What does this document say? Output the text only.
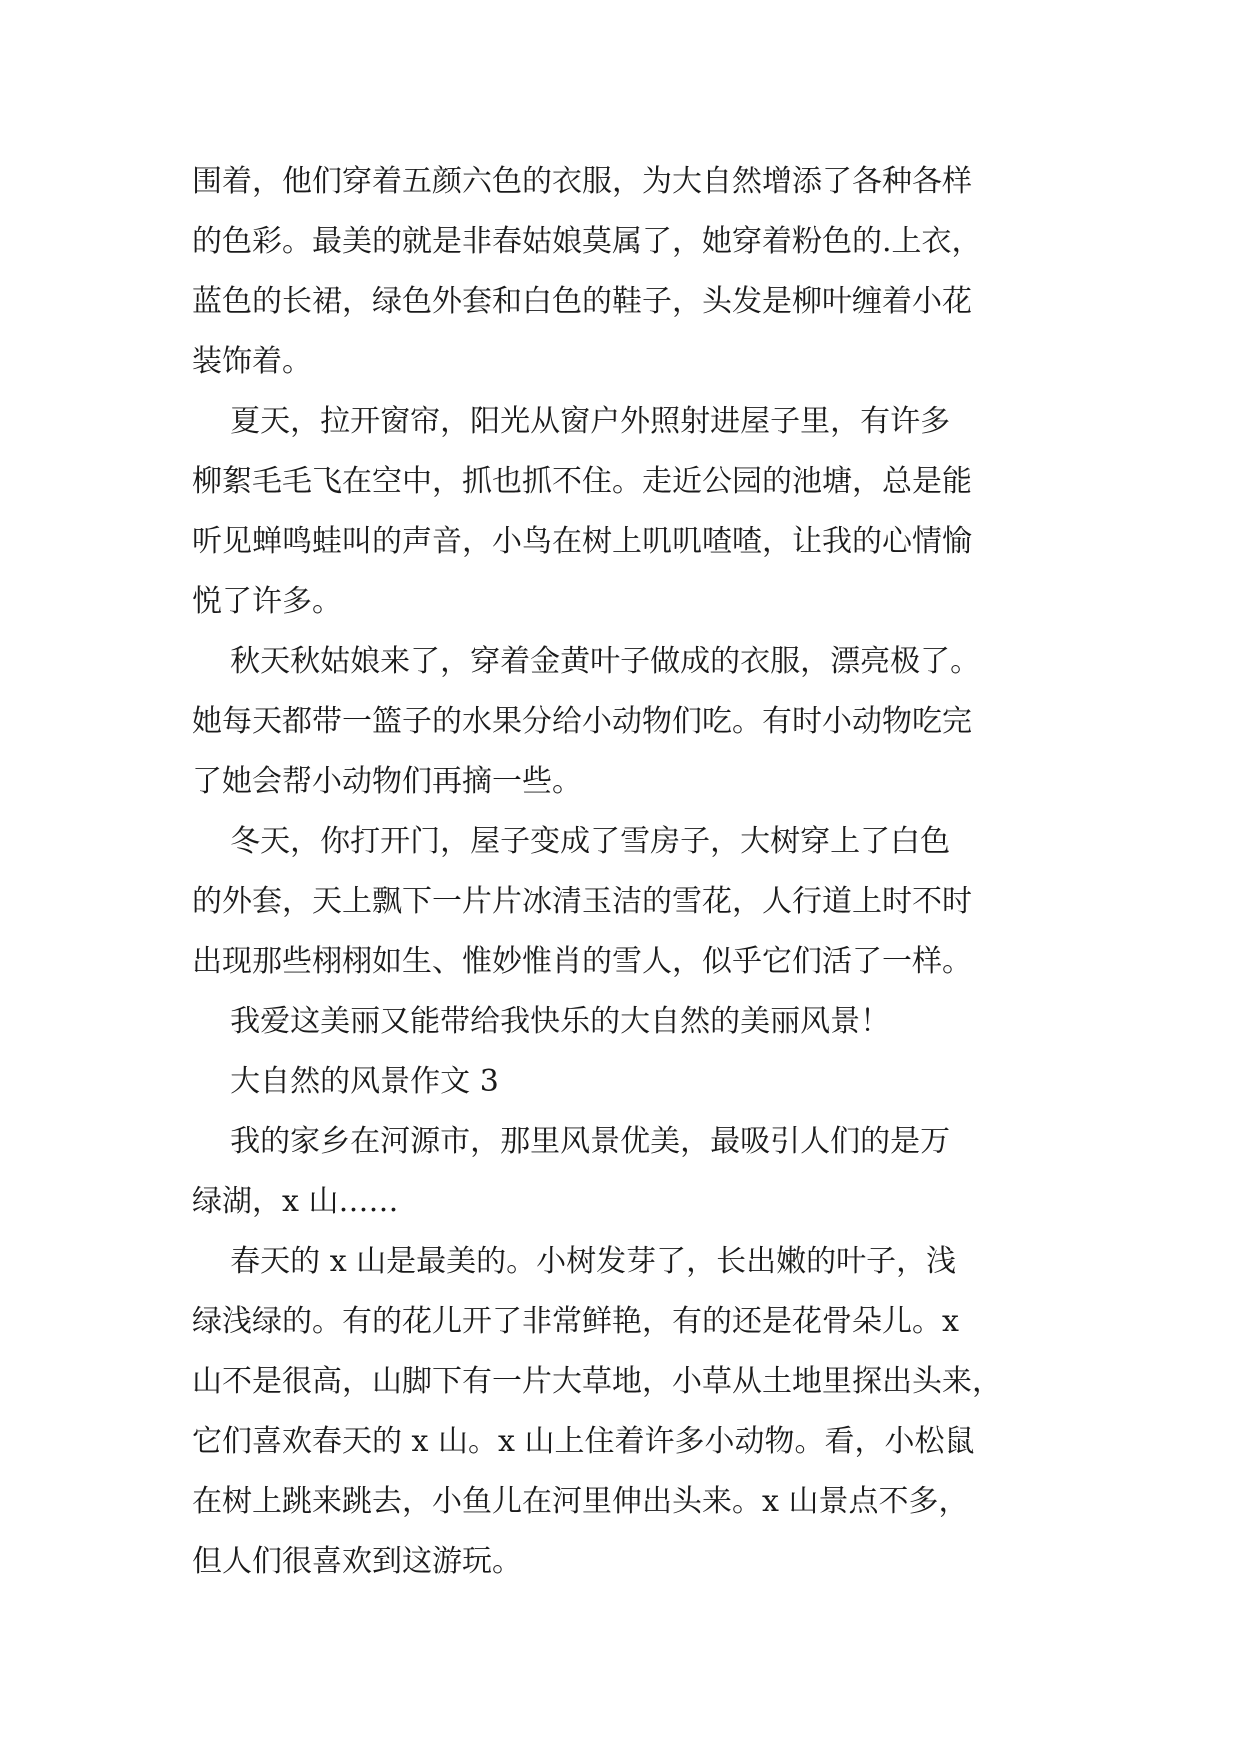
围着，他们穿着五颜六色的衣服，为大自然增添了各种各样
的色彩。最美的就是非春姑娘莫属了，她穿着粉色的.上衣，
蓝色的长裙，绿色外套和白色的鞋子，头发是柳叶缠着小花
装饰着。

夏天，拉开窗帘，阳光从窗户外照射进屋子里，有许多
柳絮毛毛飞在空中，抓也抓不住。走近公园的池塘，总是能
听见蝉鸣蛙叫的声音，小鸟在树上叽叽喳喳，让我的心情愉
悦了许多。

秋天秋姑娘来了，穿着金黄叶子做成的衣服，漂亮极了。
她每天都带一篮子的水果分给小动物们吃。有时小动物吃完
了她会帮小动物们再摘一些。

冬天，你打开门，屋子变成了雪房子，大树穿上了白色
的外套，天上飘下一片片冰清玉洁的雪花，人行道上时不时
出现那些栩栩如生、惟妙惟肖的雪人，似乎它们活了一样。

我爱这美丽又能带给我快乐的大自然的美丽风景！

大自然的风景作文 3

我的家乡在河源市，那里风景优美，最吸引人们的是万
绿湖，x 山……

春天的 x 山是最美的。小树发芽了，长出嫩的叶子，浅
绿浅绿的。有的花儿开了非常鲜艳，有的还是花骨朵儿。x
山不是很高，山脚下有一片大草地，小草从土地里探出头来，
它们喜欢春天的 x 山。x 山上住着许多小动物。看，小松鼠
在树上跳来跳去，小鱼儿在河里伸出头来。x 山景点不多，
但人们很喜欢到这游玩。
